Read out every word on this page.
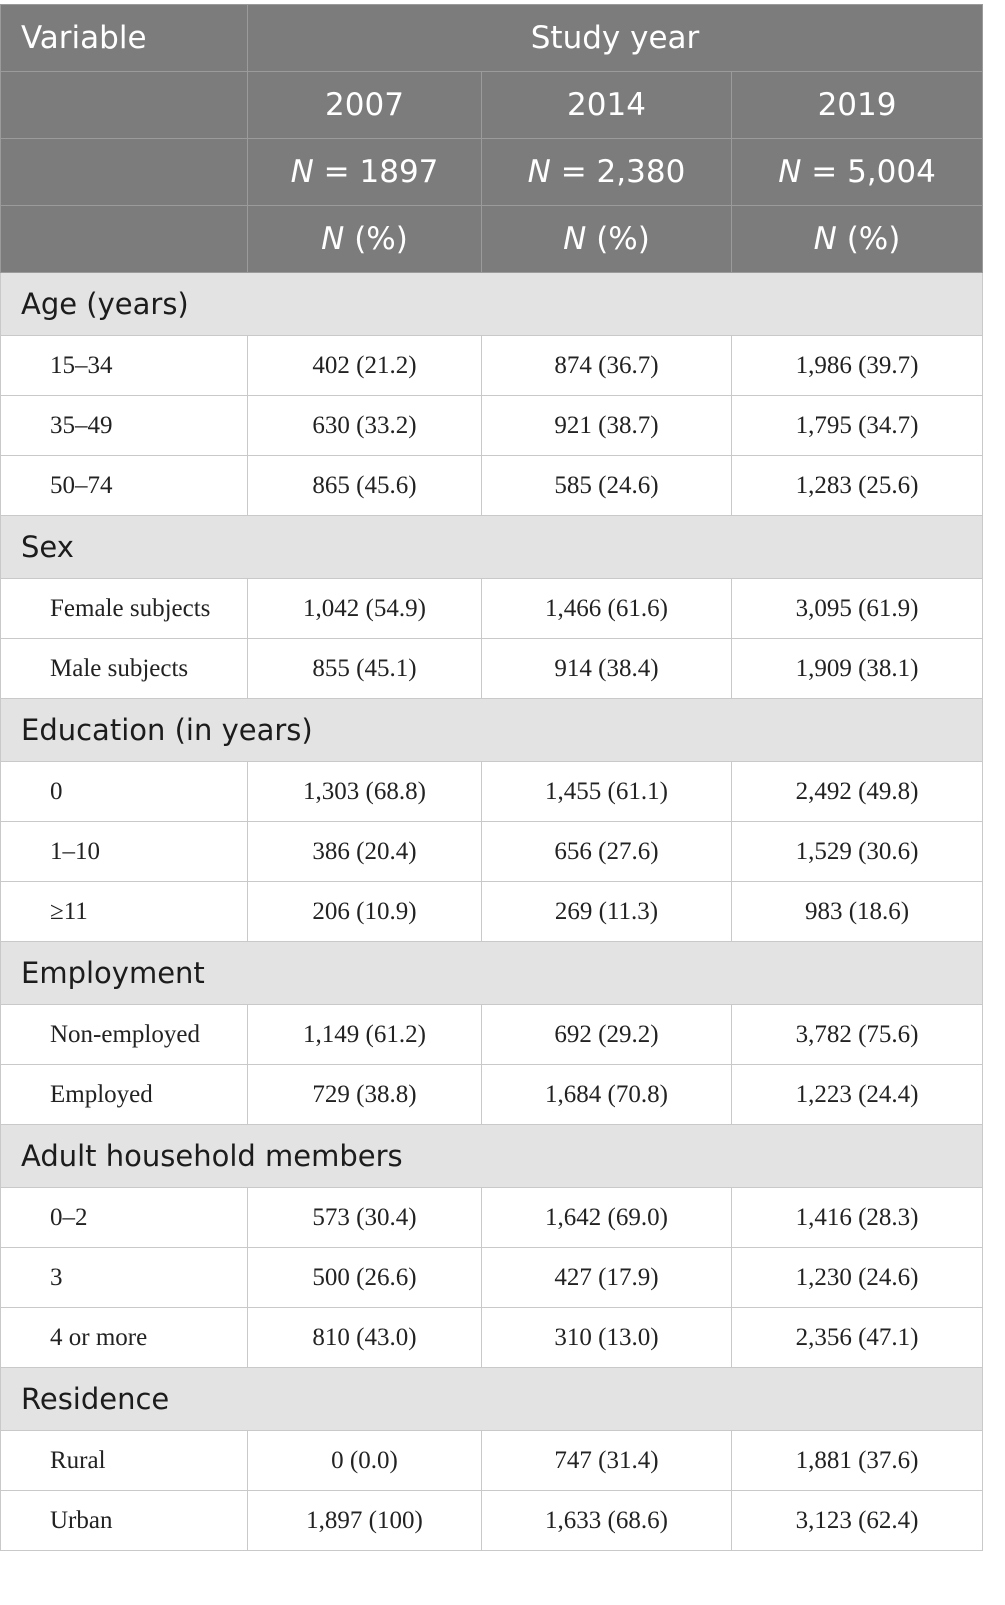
Variable	Study year		
	2007	2014	2019
	N = 1897	N = 2,380	N = 5,004
	N (%)	N (%)	N (%)
Age (years)			
15–34	402 (21.2)	874 (36.7)	1,986 (39.7)
35–49	630 (33.2)	921 (38.7)	1,795 (34.7)
50–74	865 (45.6)	585 (24.6)	1,283 (25.6)
Sex			
Female subjects	1,042 (54.9)	1,466 (61.6)	3,095 (61.9)
Male subjects	855 (45.1)	914 (38.4)	1,909 (38.1)
Education (in years)			
0	1,303 (68.8)	1,455 (61.1)	2,492 (49.8)
1–10	386 (20.4)	656 (27.6)	1,529 (30.6)
≥11	206 (10.9)	269 (11.3)	983 (18.6)
Employment			
Non-employed	1,149 (61.2)	692 (29.2)	3,782 (75.6)
Employed	729 (38.8)	1,684 (70.8)	1,223 (24.4)
Adult household members			
0–2	573 (30.4)	1,642 (69.0)	1,416 (28.3)
3	500 (26.6)	427 (17.9)	1,230 (24.6)
4 or more	810 (43.0)	310 (13.0)	2,356 (47.1)
Residence			
Rural	0 (0.0)	747 (31.4)	1,881 (37.6)
Urban	1,897 (100)	1,633 (68.6)	3,123 (62.4)
